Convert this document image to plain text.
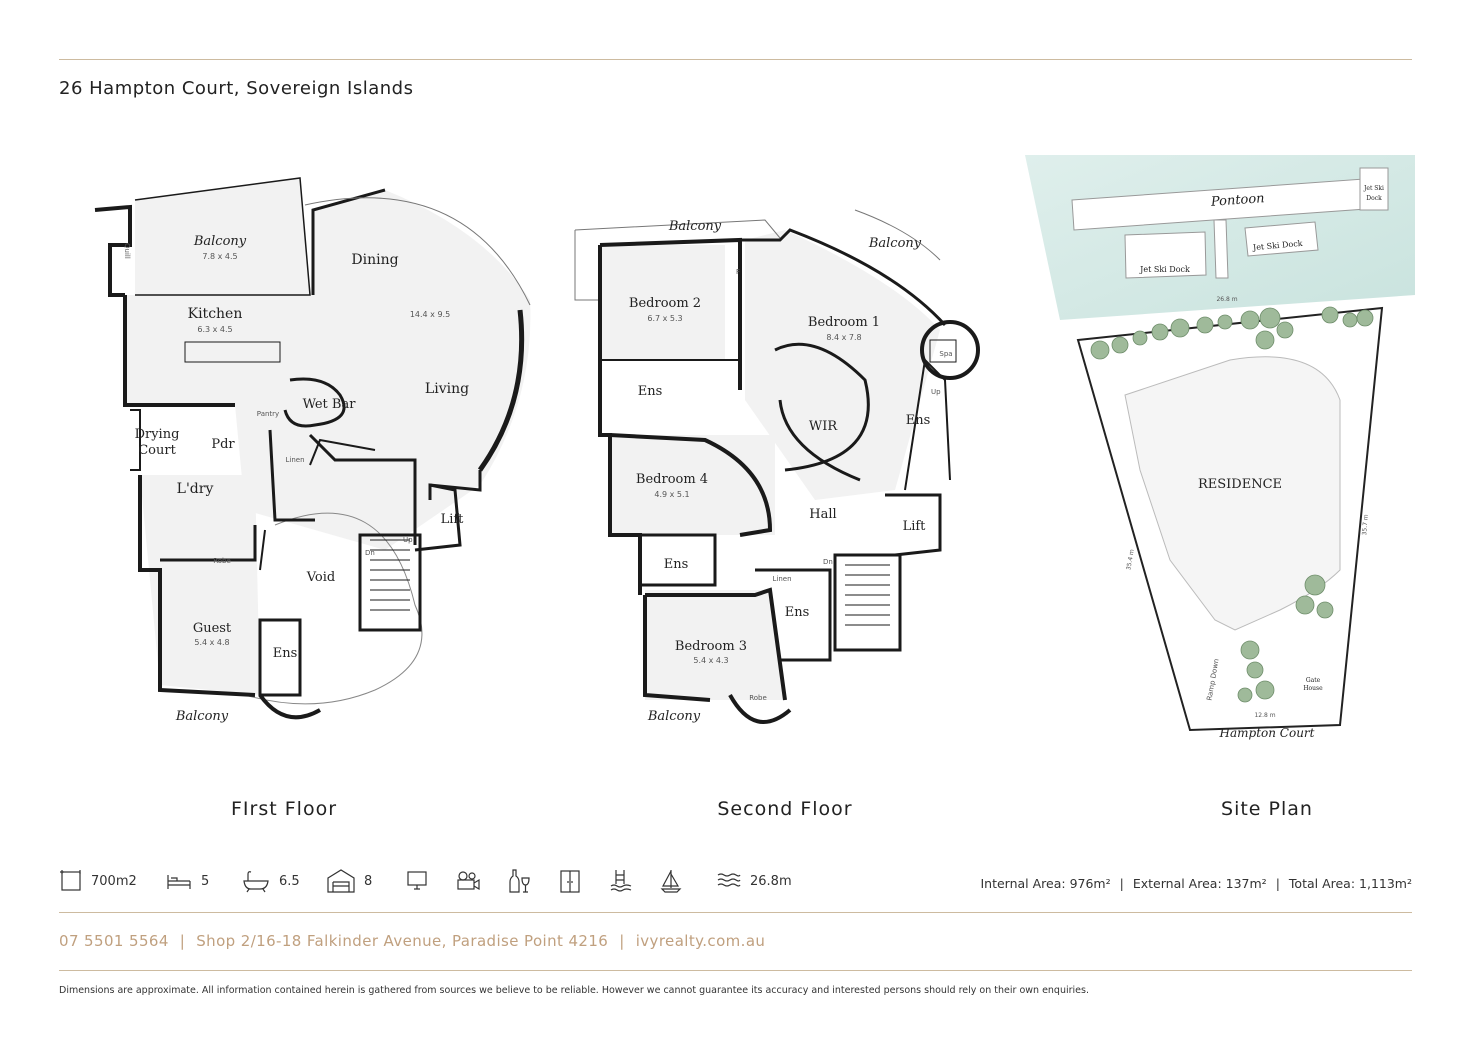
26 Hampton Court, Sovereign Islands
Balcony
7.8 x 4.5	Dining
14.4 x 9.5
Living
Kitchen
6.3 x 4.5
Wet Bar
Pantry
Drying
Court	Pdr
Linen
L'dry
Lift
Void
Guest
5.4 x 4.8
Ens
Robe
Balcony
Dn
Up
Quill
FIrst Floor
Balcony
Balcony
Bedroom 2
6.7 x 5.3	Bedroom 1
8.4 x 7.8
Spa
Ens
Ens
Ens
Ens
WIR
Bedroom 4
4.9 x 5.1
Hall
Lift
Linen
Bedroom 3
5.4 x 4.3
Balcony
Robe
Up
Dn
F
Second Floor
Pontoon
Jet Ski Dock
Jet Ski Dock
Jet Ski
Dock
26.8 m
RESIDENCE
35.4 m
35.7 m
Ramp Down	Gate
House
12.8 m
Hampton Court
Site Plan
700m2	5	6.5	8	26.8m	Internal Area: 976m² | External Area: 137m² | Total Area: 1,113m²
07 5501 5564 | Shop 2/16-18 Falkinder Avenue, Paradise Point 4216 | ivyrealty.com.au
Dimensions are approximate. All information contained herein is gathered from sources we believe to be reliable. However we cannot guarantee its accuracy and interested persons should rely on their own enquiries.
